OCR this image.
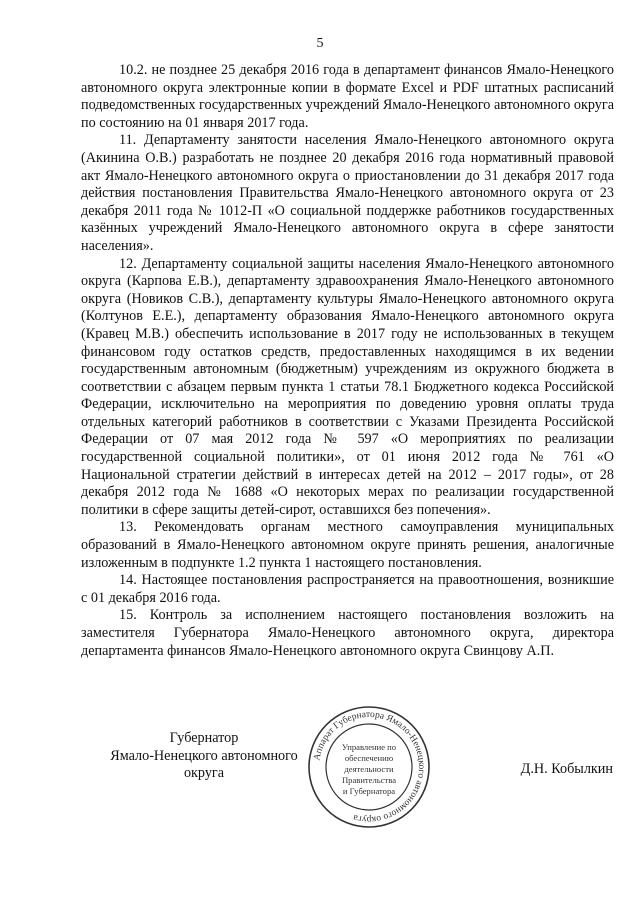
5

10.2. не позднее 25 декабря 2016 года в департамент финансов Ямало-Ненецкого автономного округа электронные копии в формате Excel и PDF штатных расписаний подведомственных государственных учреждений Ямало-Ненецкого автономного округа по состоянию на 01 января 2017 года.

11. Департаменту занятости населения Ямало-Ненецкого автономного округа (Акинина О.В.) разработать не позднее 20 декабря 2016 года нормативный правовой акт Ямало-Ненецкого автономного округа о приостановлении до 31 декабря 2017 года действия постановления Правительства Ямало-Ненецкого автономного округа от 23 декабря 2011 года № 1012-П «О социальной поддержке работников государственных казённых учреждений Ямало-Ненецкого автономного округа в сфере занятости населения».

12. Департаменту социальной защиты населения Ямало-Ненецкого автономного округа (Карпова Е.В.), департаменту здравоохранения Ямало-Ненецкого автономного округа (Новиков С.В.), департаменту культуры Ямало-Ненецкого автономного округа (Колтунов Е.Е.), департаменту образования Ямало-Ненецкого автономного округа (Кравец М.В.) обеспечить использование в 2017 году не использованных в текущем финансовом году остатков средств, предоставленных находящимся в их ведении государственным автономным (бюджетным) учреждениям из окружного бюджета в соответствии с абзацем первым пункта 1 статьи 78.1 Бюджетного кодекса Российской Федерации, исключительно на мероприятия по доведению уровня оплаты труда отдельных категорий работников в соответствии с Указами Президента Российской Федерации от 07 мая 2012 года № 597 «О мероприятиях по реализации государственной социальной политики», от 01 июня 2012 года № 761 «О Национальной стратегии действий в интересах детей на 2012 – 2017 годы», от 28 декабря 2012 года № 1688 «О некоторых мерах по реализации государственной политики в сфере защиты детей-сирот, оставшихся без попечения».

13. Рекомендовать органам местного самоуправления муниципальных образований в Ямало-Ненецкого автономном округе принять решения, аналогичные изложенным в подпункте 1.2 пункта 1 настоящего постановления.

14. Настоящее постановления распространяется на правоотношения, возникшие с 01 декабря 2016 года.

15. Контроль за исполнением настоящего постановления возложить на заместителя Губернатора Ямало-Ненецкого автономного округа, директора департамента финансов Ямало-Ненецкого автономного округа Свинцову А.П.

Губернатор
Ямало-Ненецкого автономного округа
Аппарат Губернатора Ямало-Ненецкого автономного округа
Управление по
обеспечению
деятельности
Правительства
и Губернатора
Д.Н. Кобылкин
